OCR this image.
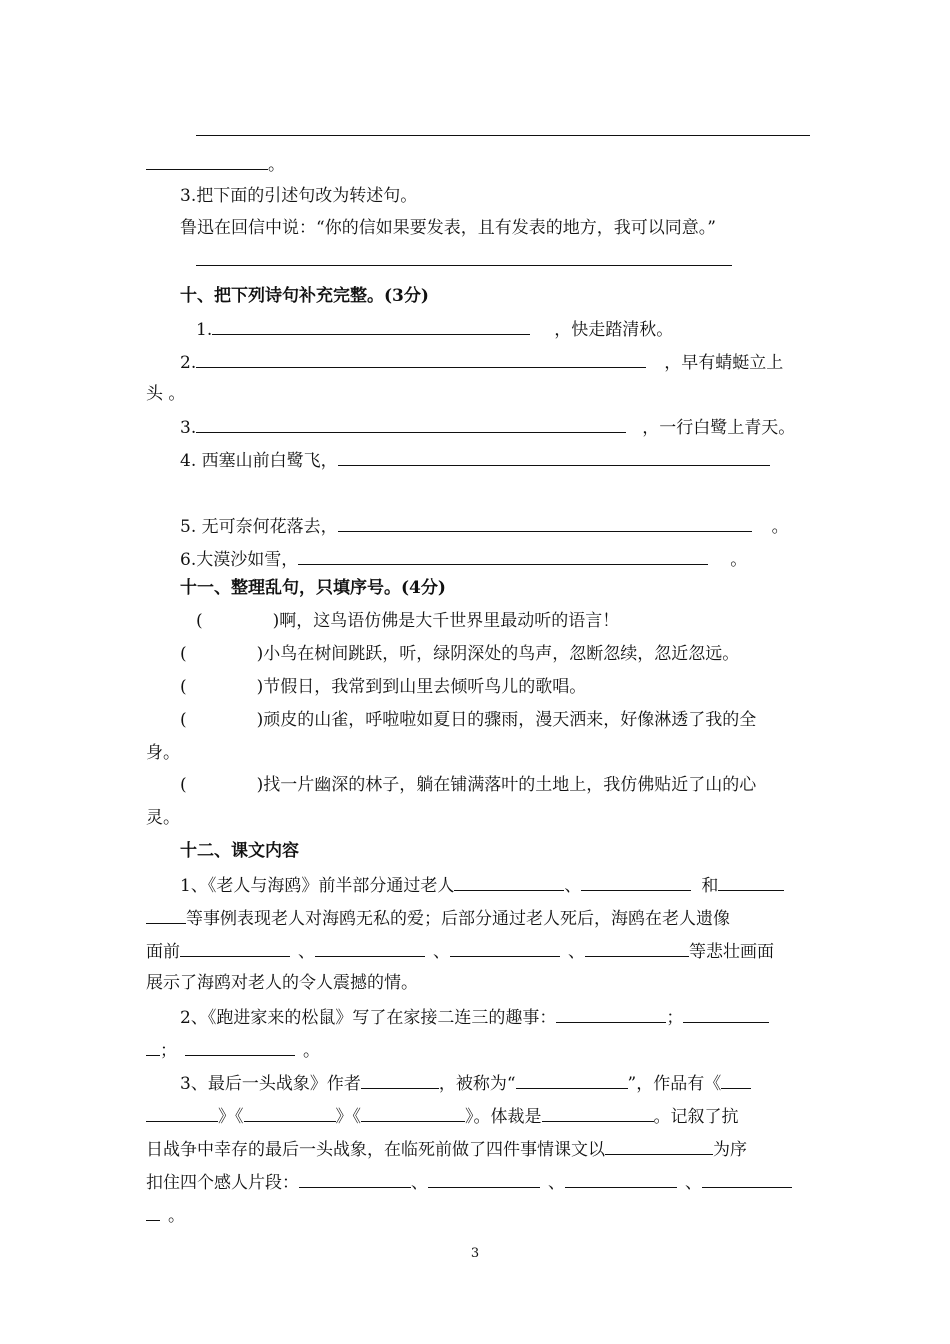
。
3.把下面的引述句改为转述句。
鲁迅在回信中说：“你的信如果要发表，且有发表的地方，我可以同意。”
十、把下列诗句补充完整。(3分)
1.	，快走踏清秋。
2.	，早有蜻蜓立上
头 。
3.	，一行白鹭上青天。
4. 西塞山前白鹭飞，
5. 无可奈何花落去，	。
6.大漠沙如雪，	。
十一、整理乱句，只填序号。(4分)
(	)啊，这鸟语仿佛是大千世界里最动听的语言！
(	)小鸟在树间跳跃，听，绿阴深处的鸟声，忽断忽续，忽近忽远。
(	)节假日，我常到到山里去倾听鸟儿的歌唱。
(	)顽皮的山雀，呼啦啦如夏日的骤雨，漫天洒来，好像淋透了我的全
身。
(	)找一片幽深的林子，躺在铺满落叶的土地上，我仿佛贴近了山的心
灵。
十二、课文内容
1、《老人与海鸥》前半部分通过老人	、	和
等事例表现老人对海鸥无私的爱；后部分通过老人死后，海鸥在老人遗像
面前	、	、	、	等悲壮画面
展示了海鸥对老人的令人震撼的情。
2、《跑进家来的松鼠》写了在家接二连三的趣事：	；
；	。
3、最后一头战象》作者	，被称为“	”，作品有《
》《	》《	》。体裁是	。记叙了抗
日战争中幸存的最后一头战象，在临死前做了四件事情课文以	为序
扣住四个感人片段：	、	、	、
。
3
